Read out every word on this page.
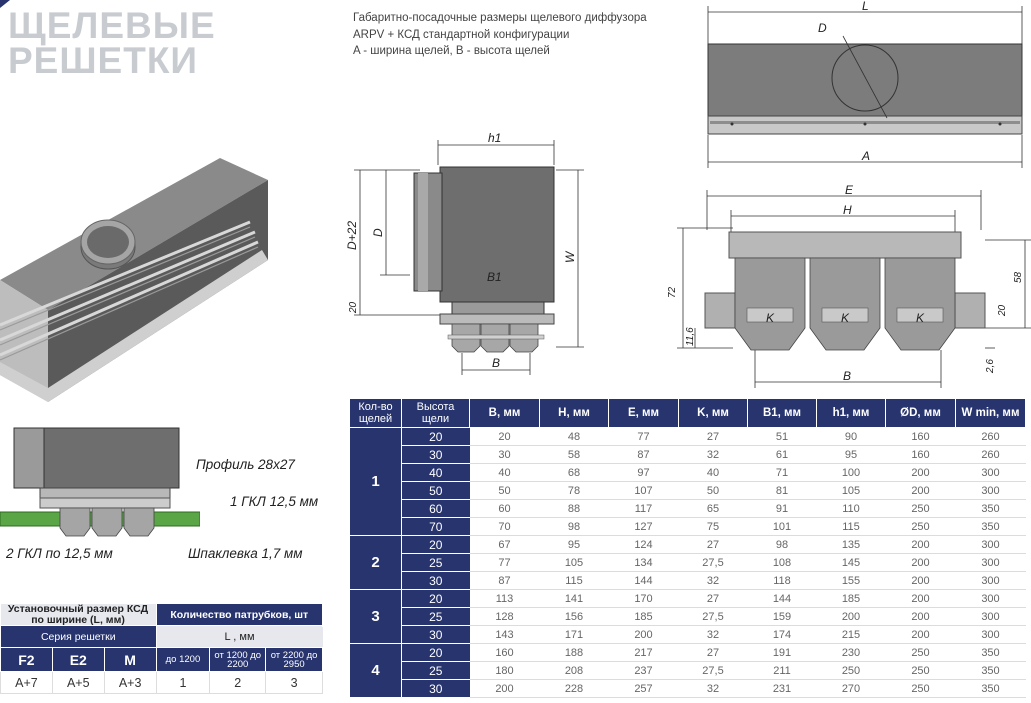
ЩЕЛЕВЫЕ
РЕШЕТКИ
Габаритно-посадочные размеры щелевого диффузора
ARPV + КСД стандартной конфигурации
A - ширина щелей, B - высота щелей
h1
D+22 D
W
B1
20
B
L
D
A
E
H
72
58
20
11,6
2,6
K	K	K
B
Профиль 28x27
1 ГКЛ 12,5 мм
2 ГКЛ по 12,5 мм	Шпаклевка 1,7 мм
Кол-во щелей	Высота щели	B, мм	H, мм	E, мм	K, мм	B1, мм	h1, мм	ØD, мм	W min, мм
1	20	20	48	77	27	51	90	160	260
	30	30	58	87	32	61	95	160	260
	40	40	68	97	40	71	100	200	300
	50	50	78	107	50	81	105	200	300
	60	60	88	117	65	91	110	250	350
	70	70	98	127	75	101	115	250	350
2	20	67	95	124	27	98	135	200	300
	25	77	105	134	27,5	108	145	200	300
	30	87	115	144	32	118	155	200	300
3	20	113	141	170	27	144	185	200	300
	25	128	156	185	27,5	159	200	200	300
	30	143	171	200	32	174	215	200	300
4	20	160	188	217	27	191	230	250	350
	25	180	208	237	27,5	211	250	250	350
	30	200	228	257	32	231	270	250	350
Установочный размер КСД по ширине (L, мм)			Количество патрубков, шт		

Серия решетки			L , мм		
F2	E2	M	до 1200	от 1200 до 2200	от 2200 до 2950
A+7	A+5	A+3	1	2	3
